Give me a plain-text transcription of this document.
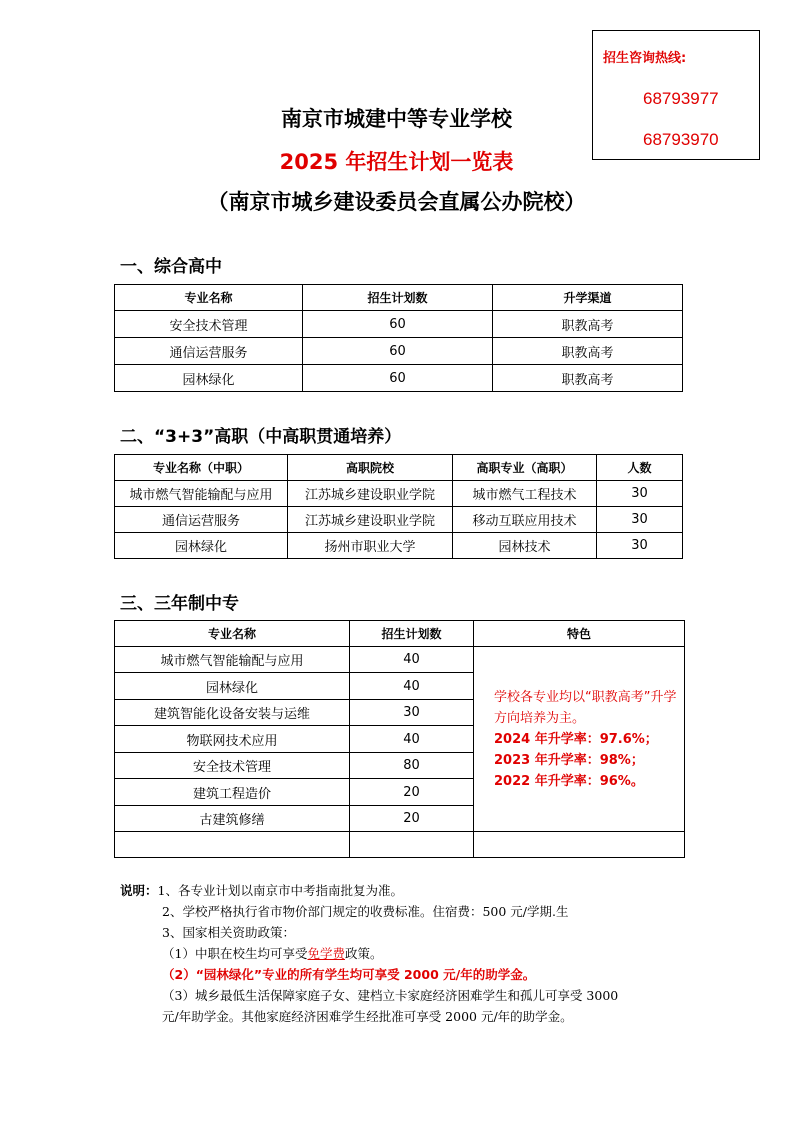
招生咨询热线:
68793977
68793970
南京市城建中等专业学校
2025 年招生计划一览表
（南京市城乡建设委员会直属公办院校）
一、综合高中
专业名称	招生计划数	升学渠道
安全技术管理	60	职教高考
通信运营服务	60	职教高考
园林绿化	60	职教高考
二、“3+3”高职（中高职贯通培养）
专业名称（中职）	高职院校	高职专业（高职）	人数
城市燃气智能输配与应用	江苏城乡建设职业学院	城市燃气工程技术	30
通信运营服务	江苏城乡建设职业学院	移动互联应用技术	30
园林绿化	扬州市职业大学	园林技术	30
三、三年制中专
专业名称	招生计划数	特色
城市燃气智能输配与应用	40	学校各专业均以“职教高考”升学方向培养为主。
2024 年升学率：97.6%；
2023 年升学率：98%；
2022 年升学率：96%。

园林绿化	40	
建筑智能化设备安装与运维	30	
物联网技术应用	40	
安全技术管理	80	
建筑工程造价	20	
古建筑修缮	20	

说明：1、各专业计划以南京市中考指南批复为准。
2、学校严格执行省市物价部门规定的收费标准。住宿费：500 元/学期.生
3、国家相关资助政策：
（1）中职在校生均可享受免学费政策。
（2）“园林绿化”专业的所有学生均可享受 2000 元/年的助学金。
（3）城乡最低生活保障家庭子女、建档立卡家庭经济困难学生和孤儿可享受 3000
元/年助学金。其他家庭经济困难学生经批准可享受 2000 元/年的助学金。
